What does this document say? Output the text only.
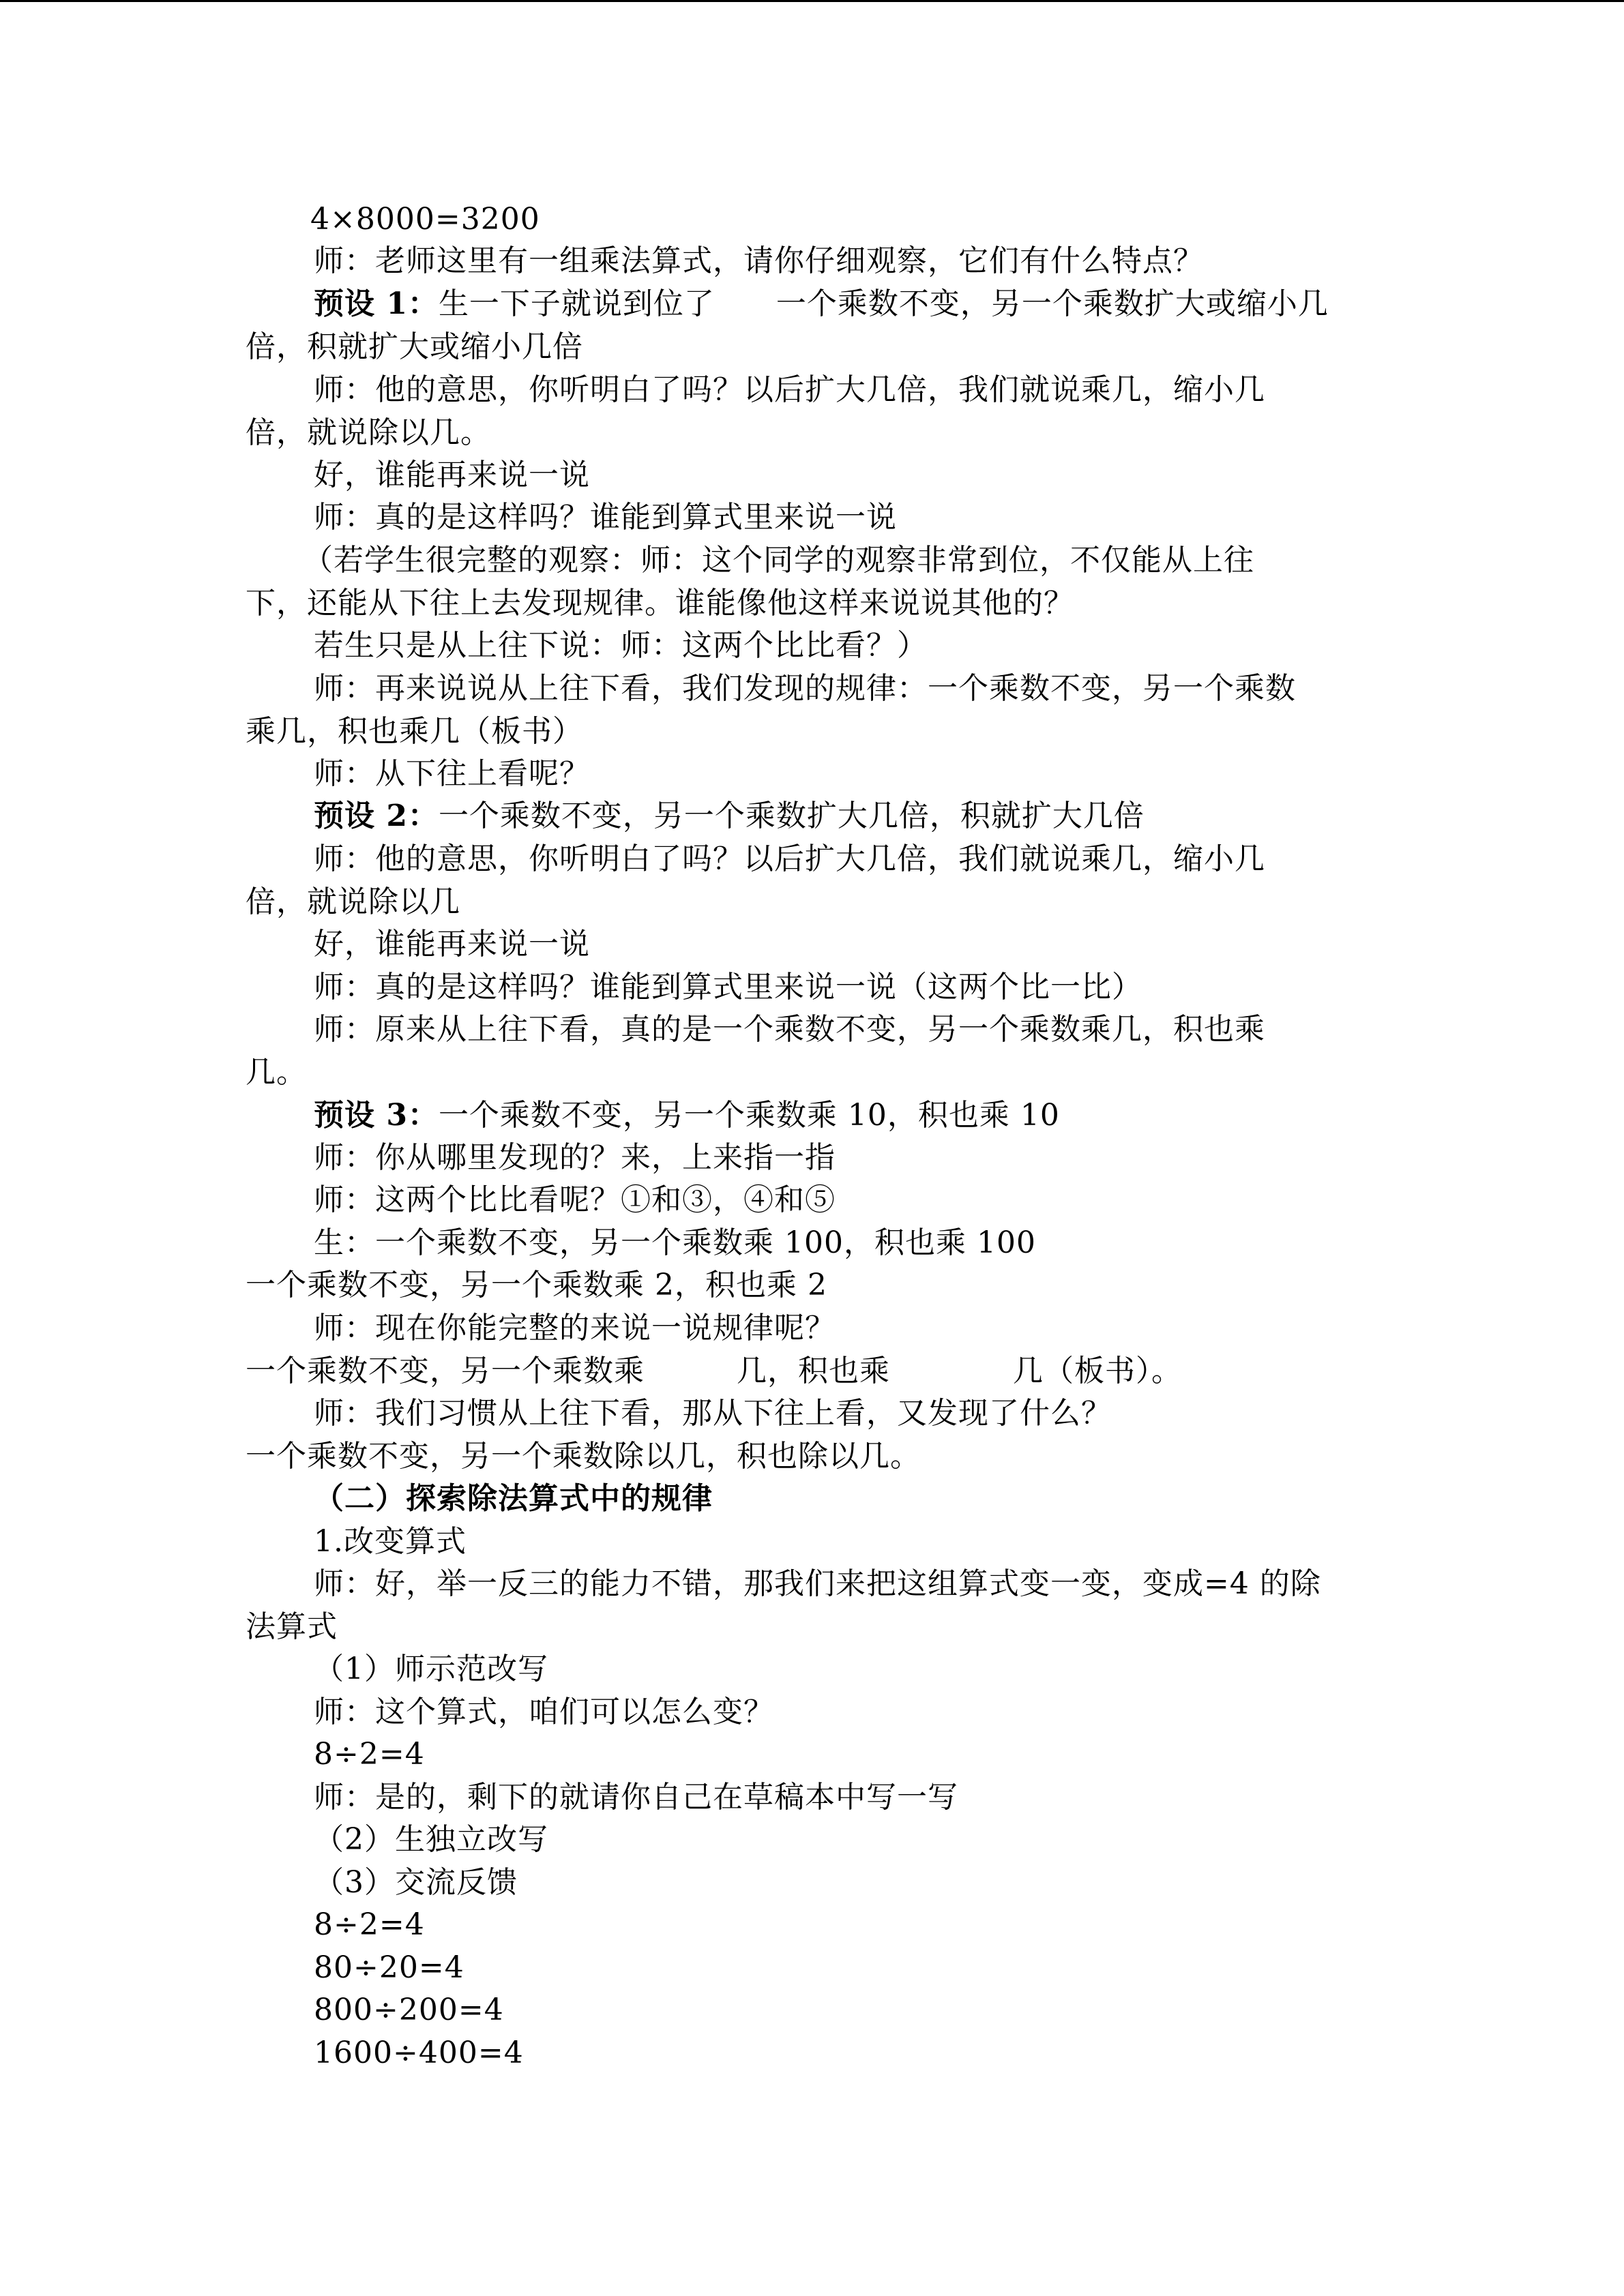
4×8000=3200

师：老师这里有一组乘法算式，请你仔细观察，它们有什么特点？

预设 1：生一下子就说到位了　　一个乘数不变，另一个乘数扩大或缩小几

倍，积就扩大或缩小几倍

师：他的意思，你听明白了吗？以后扩大几倍，我们就说乘几，缩小几

倍，就说除以几。

好，谁能再来说一说

师：真的是这样吗？谁能到算式里来说一说

（若学生很完整的观察：师：这个同学的观察非常到位，不仅能从上往

下，还能从下往上去发现规律。谁能像他这样来说说其他的？

若生只是从上往下说：师：这两个比比看？）

师：再来说说从上往下看，我们发现的规律：一个乘数不变，另一个乘数

乘几，积也乘几（板书）

师：从下往上看呢？

预设 2：一个乘数不变，另一个乘数扩大几倍，积就扩大几倍

师：他的意思，你听明白了吗？以后扩大几倍，我们就说乘几，缩小几

倍，就说除以几

好，谁能再来说一说

师：真的是这样吗？谁能到算式里来说一说（这两个比一比）

师：原来从上往下看，真的是一个乘数不变，另一个乘数乘几，积也乘

几。

预设 3：一个乘数不变，另一个乘数乘 10，积也乘 10

师：你从哪里发现的？来，上来指一指

师：这两个比比看呢？①和③，④和⑤

生：一个乘数不变，另一个乘数乘 100，积也乘 100

一个乘数不变，另一个乘数乘 2，积也乘 2

师：现在你能完整的来说一说规律呢？

一个乘数不变，另一个乘数乘　　　几，积也乘　　　　几（板书）。

师：我们习惯从上往下看，那从下往上看，又发现了什么？

一个乘数不变，另一个乘数除以几，积也除以几。

（二）探索除法算式中的规律

1.改变算式

师：好，举一反三的能力不错，那我们来把这组算式变一变，变成=4 的除

法算式

（1）师示范改写

师：这个算式，咱们可以怎么变？

8÷2=4

师：是的，剩下的就请你自己在草稿本中写一写

（2）生独立改写

（3）交流反馈

8÷2=4

80÷20=4

800÷200=4

1600÷400=4
